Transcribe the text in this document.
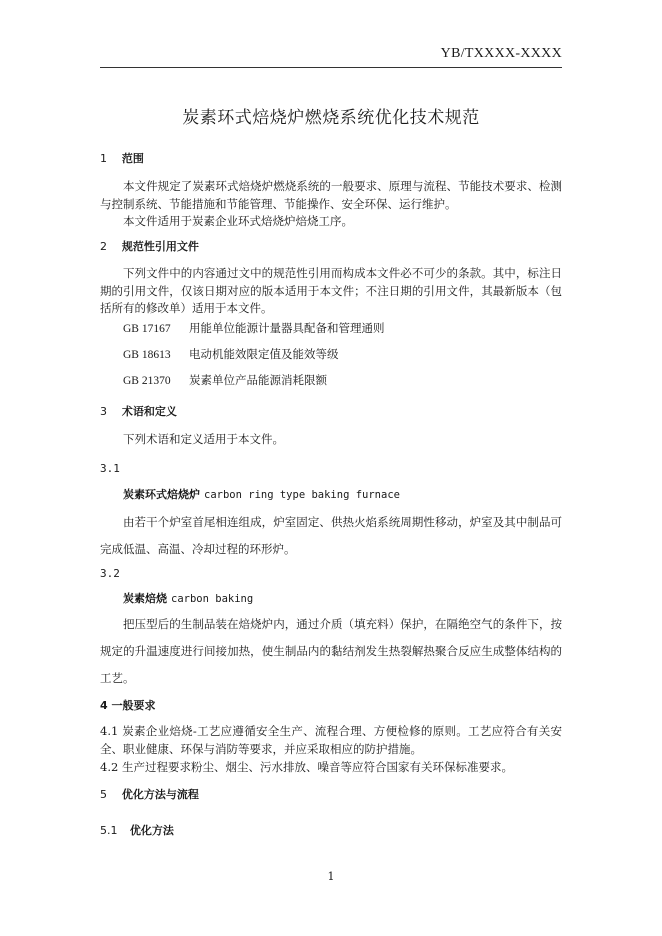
YB/TXXXX-XXXX
炭素环式焙烧炉燃烧系统优化技术规范
1 范围
本文件规定了炭素环式焙烧炉燃烧系统的一般要求、原理与流程、节能技术要求、检测与控制系统、节能措施和节能管理、节能操作、安全环保、运行维护。
本文件适用于炭素企业环式焙烧炉焙烧工序。
2 规范性引用文件
下列文件中的内容通过文中的规范性引用而构成本文件必不可少的条款。其中，标注日期的引用文件，仅该日期对应的版本适用于本文件；不注日期的引用文件，其最新版本（包括所有的修改单）适用于本文件。
GB 17167 用能单位能源计量器具配备和管理通则
GB 18613 电动机能效限定值及能效等级
GB 21370 炭素单位产品能源消耗限额
3 术语和定义
下列术语和定义适用于本文件。
3.1
炭素环式焙烧炉 carbon ring type baking furnace
由若干个炉室首尾相连组成，炉室固定、供热火焰系统周期性移动，炉室及其中制品可完成低温、高温、冷却过程的环形炉。
3.2
炭素焙烧 carbon baking
把压型后的生制品装在焙烧炉内，通过介质（填充料）保护，在隔绝空气的条件下，按规定的升温速度进行间接加热，使生制品内的黏结剂发生热裂解热聚合反应生成整体结构的工艺。
4 一般要求
4.1 炭素企业焙烧-工艺应遵循安全生产、流程合理、方便检修的原则。工艺应符合有关安全、职业健康、环保与消防等要求，并应采取相应的防护措施。
4.2 生产过程要求粉尘、烟尘、污水排放、噪音等应符合国家有关环保标准要求。
5 优化方法与流程
5.1 优化方法
1
